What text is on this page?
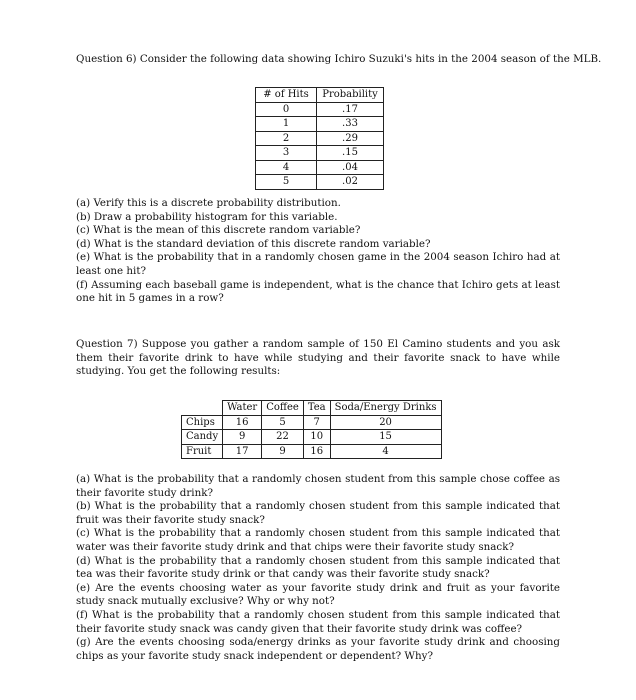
Question 6) Consider the following data showing Ichiro Suzuki's hits in the 2004 season of the MLB.
# of Hits	Probability
0	.17
1	.33
2	.29
3	.15
4	.04
5	.02

(a) Verify this is a discrete probability distribution.

(b) Draw a probability histogram for this variable.

(c) What is the mean of this discrete random variable?

(d) What is the standard deviation of this discrete random variable?

(e) What is the probability that in a randomly chosen game in the 2004 season Ichiro had at least one hit?

(f) Assuming each baseball game is independent, what is the chance that Ichiro gets at least one hit in 5 games in a row?

Question 7) Suppose you gather a random sample of 150 El Camino students and you ask them their favorite drink to have while studying and their favorite snack to have while studying. You get the following results:

	Water	Coffee	Tea	Soda/Energy Drinks
Chips	16	5	7	20
Candy	9	22	10	15
Fruit	17	9	16	4

(a) What is the probability that a randomly chosen student from this sample chose coffee as their favorite study drink?

(b) What is the probability that a randomly chosen student from this sample indicated that fruit was their favorite study snack?

(c) What is the probability that a randomly chosen student from this sample indicated that water was their favorite study drink and that chips were their favorite study snack?

(d) What is the probability that a randomly chosen student from this sample indicated that tea was their favorite study drink or that candy was their favorite study snack?

(e) Are the events choosing water as your favorite study drink and fruit as your favorite study snack mutually exclusive? Why or why not?

(f) What is the probability that a randomly chosen student from this sample indicated that their favorite study snack was candy given that their favorite study drink was coffee?

(g) Are the events choosing soda/energy drinks as your favorite study drink and choosing chips as your favorite study snack independent or dependent? Why?
